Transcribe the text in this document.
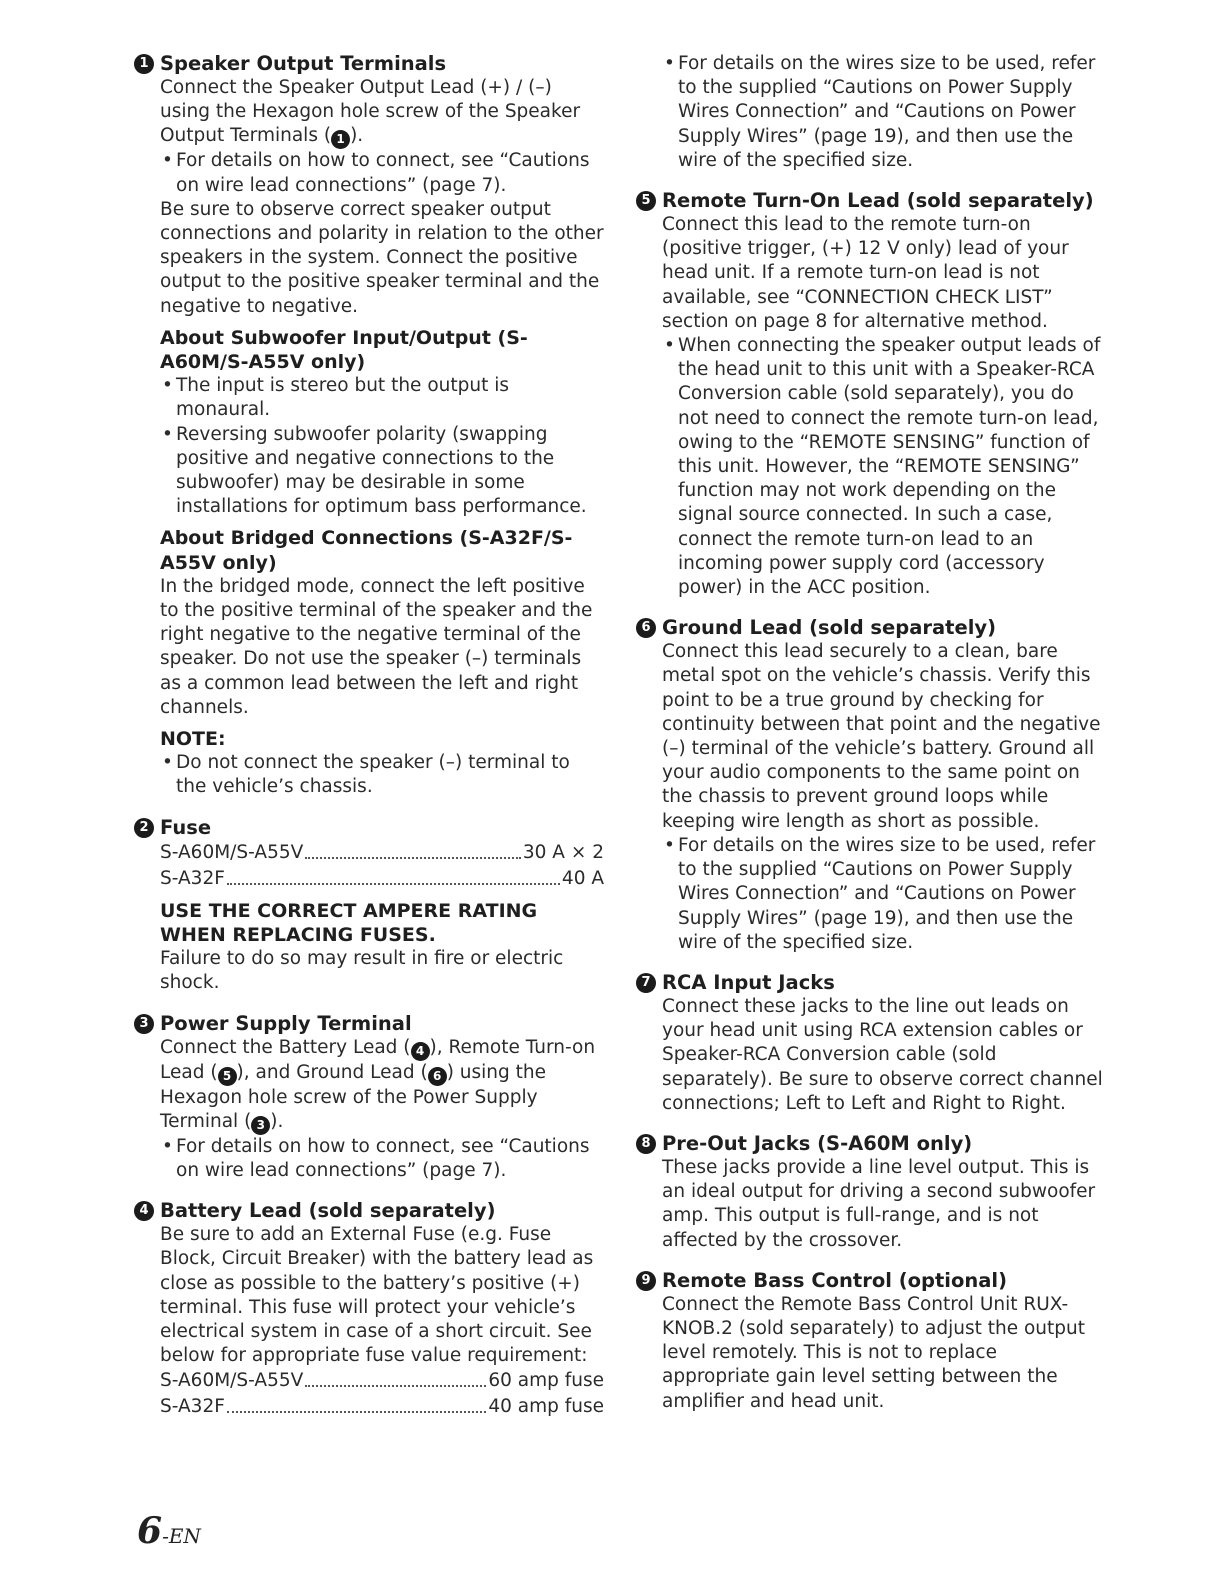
1 Speaker Output Terminals
Connect the Speaker Output Lead (+) / (–) using the Hexagon hole screw of the Speaker Output Terminals ( 1 ).
• For details on how to connect, see “Cautions on wire lead connections” (page 7).
Be sure to observe correct speaker output connections and polarity in relation to the other speakers in the system. Connect the positive output to the positive speaker terminal and the negative to negative.
About Subwoofer Input/Output (S-A60M/S-A55V only)
• The input is stereo but the output is monaural.
• Reversing subwoofer polarity (swapping positive and negative connections to the subwoofer) may be desirable in some installations for optimum bass performance.
About Bridged Connections (S-A32F/S-A55V only)
In the bridged mode, connect the left positive to the positive terminal of the speaker and the right negative to the negative terminal of the speaker. Do not use the speaker (–) terminals as a common lead between the left and right channels.
NOTE:
• Do not connect the speaker (–) terminal to the vehicle’s chassis.
2 Fuse
S-A60M/S-A55V	30 A × 2
S-A32F	40 A
USE THE CORRECT AMPERE RATING WHEN REPLACING FUSES.
Failure to do so may result in fire or electric shock.
3 Power Supply Terminal
Connect the Battery Lead ( 4 ), Remote Turn-on Lead ( 5 ), and Ground Lead ( 6 ) using the Hexagon hole screw of the Power Supply Terminal ( 3 ).
• For details on how to connect, see “Cautions on wire lead connections” (page 7).
4 Battery Lead (sold separately)
Be sure to add an External Fuse (e.g. Fuse Block, Circuit Breaker) with the battery lead as close as possible to the battery’s positive (+) terminal. This fuse will protect your vehicle’s electrical system in case of a short circuit. See below for appropriate fuse value requirement:
S-A60M/S-A55V	60 amp fuse
S-A32F	40 amp fuse
• For details on the wires size to be used, refer to the supplied “Cautions on Power Supply Wires Connection” and “Cautions on Power Supply Wires” (page 19), and then use the wire of the specified size.
5 Remote Turn-On Lead (sold separately)
Connect this lead to the remote turn-on (positive trigger, (+) 12 V only) lead of your head unit. If a remote turn-on lead is not available, see “CONNECTION CHECK LIST” section on page 8 for alternative method.
• When connecting the speaker output leads of the head unit to this unit with a Speaker-RCA Conversion cable (sold separately), you do not need to connect the remote turn-on lead, owing to the “REMOTE SENSING” function of this unit. However, the “REMOTE SENSING” function may not work depending on the signal source connected. In such a case, connect the remote turn-on lead to an incoming power supply cord (accessory power) in the ACC position.
6 Ground Lead (sold separately)
Connect this lead securely to a clean, bare metal spot on the vehicle’s chassis. Verify this point to be a true ground by checking for continuity between that point and the negative (–) terminal of the vehicle’s battery. Ground all your audio components to the same point on the chassis to prevent ground loops while keeping wire length as short as possible.
• For details on the wires size to be used, refer to the supplied “Cautions on Power Supply Wires Connection” and “Cautions on Power Supply Wires” (page 19), and then use the wire of the specified size.
7 RCA Input Jacks
Connect these jacks to the line out leads on your head unit using RCA extension cables or Speaker-RCA Conversion cable (sold separately). Be sure to observe correct channel connections; Left to Left and Right to Right.
8 Pre-Out Jacks (S-A60M only)
These jacks provide a line level output. This is an ideal output for driving a second subwoofer amp. This output is full-range, and is not affected by the crossover.
9 Remote Bass Control (optional)
Connect the Remote Bass Control Unit RUX-KNOB.2 (sold separately) to adjust the output level remotely. This is not to replace appropriate gain level setting between the amplifier and head unit.
6-EN
